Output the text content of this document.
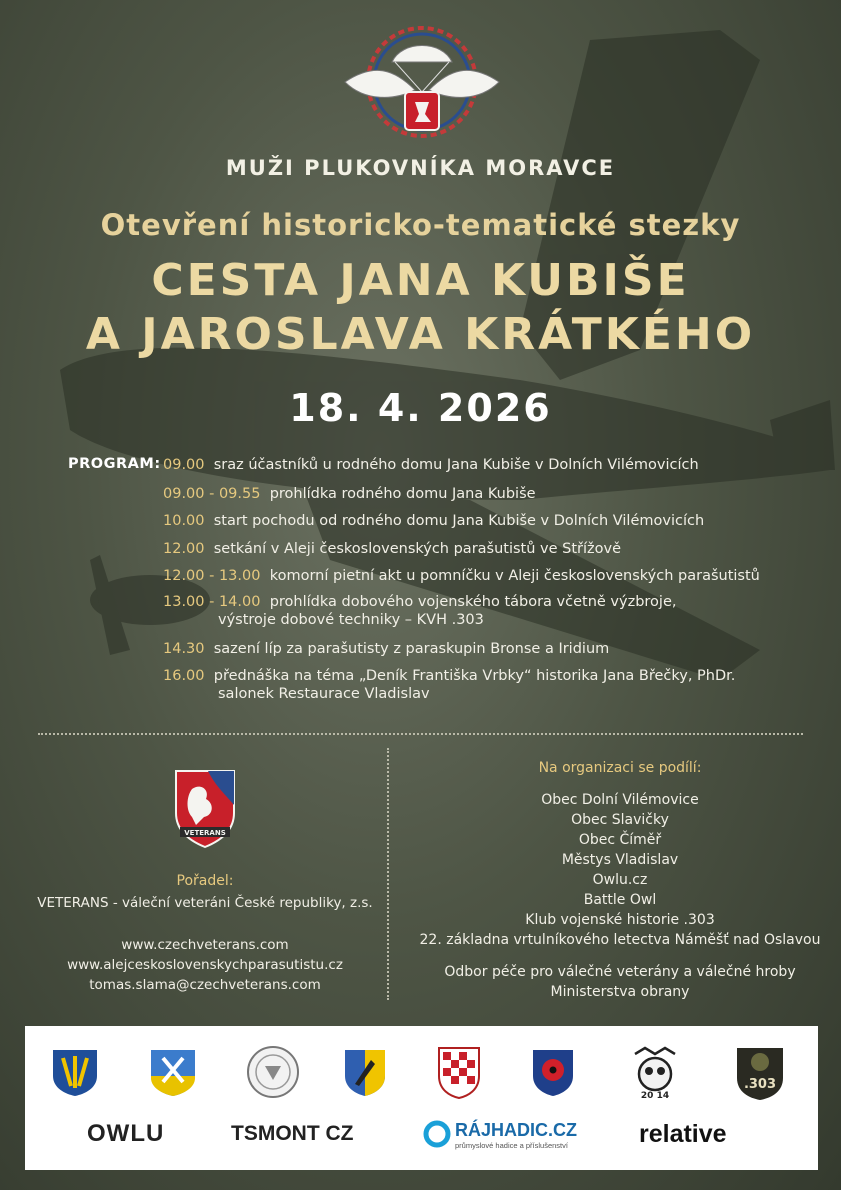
MUŽI PLUKOVNÍKA MORAVCE
Otevření historicko-tematické stezky
CESTA JANA KUBIŠE
A JAROSLAVA KRÁTKÉHO
18. 4. 2026
PROGRAM: 09.00 sraz účastníků u rodného domu Jana Kubiše v Dolních Vilémovicích
09.00 - 09.55 prohlídka rodného domu Jana Kubiše
10.00 start pochodu od rodného domu Jana Kubiše v Dolních Vilémovicích
12.00 setkání v Aleji československých parašutistů ve Střížově
12.00 - 13.00 komorní pietní akt u pomníčku v Aleji československých parašutistů
13.00 - 14.00 prohlídka dobového vojenského tábora včetně výzbroje,
výstroje dobové techniky – KVH .303
14.30 sazení líp za parašutisty z paraskupin Bronse a Iridium
16.00 přednáška na téma „Deník Františka Vrbky“ historika Jana Břečky, PhDr.
salonek Restaurace Vladislav
VETERANS
Pořadel:
VETERANS - váleční veteráni České republiky, z.s.
www.czechveterans.com
www.alejceskoslovenskychparasutistu.cz
tomas.slama@czechveterans.com
Na organizaci se podílí:
Obec Dolní Vilémovice
Obec Slavičky
Obec Číměř
Městys Vladislav
Owlu.cz
Battle Owl
Klub vojenské historie .303
22. základna vrtulníkového letectva Náměšť nad Oslavou
Odbor péče pro válečné veterány a válečné hroby
Ministerstva obrany
20 14
.303
OWLU	TSMONT CZ	RÁJHADIC.CZ
průmyslové hadice a příslušenství	relative
